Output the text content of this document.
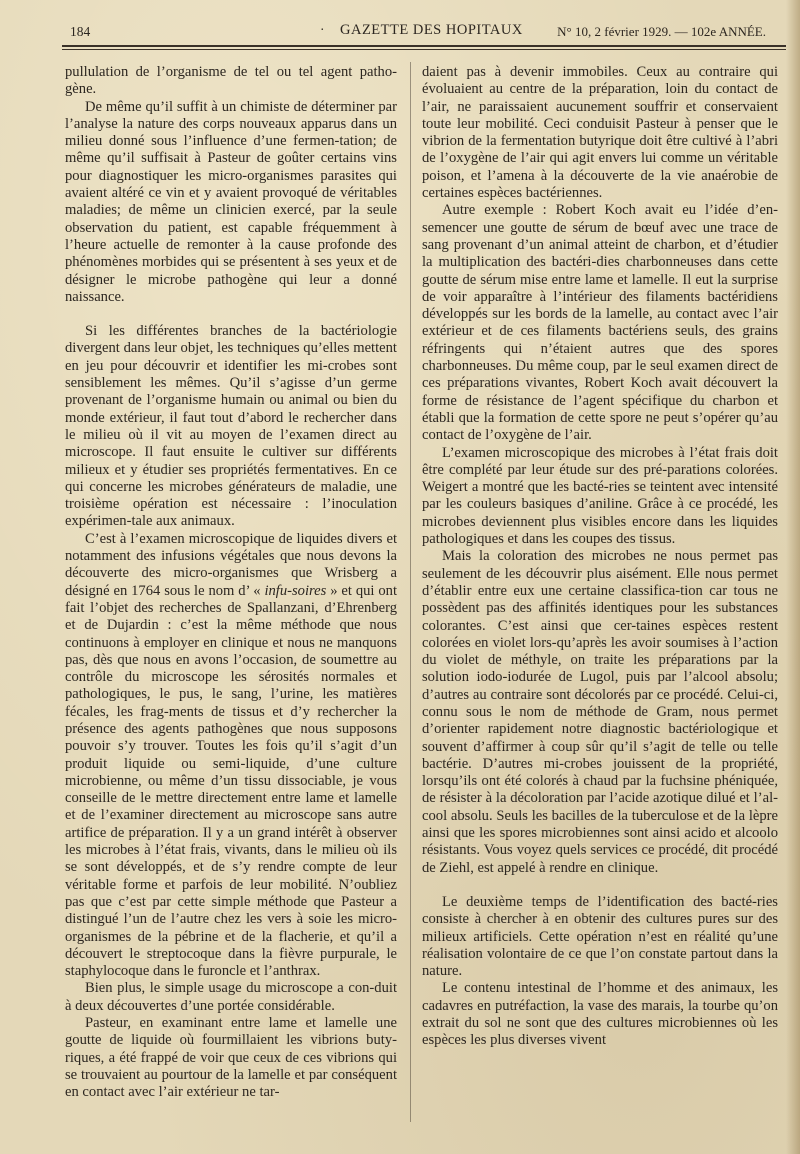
184	· GAZETTE DES HOPITAUX	N° 10, 2 février 1929. — 102e ANNÉE.

pullulation de l’organisme de tel ou tel agent patho-gène.

De même qu’il suffit à un chimiste de déterminer par l’analyse la nature des corps nouveaux apparus dans un milieu donné sous l’influence d’une fermen-tation; de même qu’il suffisait à Pasteur de goûter certains vins pour diagnostiquer les micro-organismes parasites qui avaient altéré ce vin et y avaient provoqué de véritables maladies; de même un clinicien exercé, par la seule observation du patient, est capable fréquemment à l’heure actuelle de remonter à la cause profonde des phénomènes morbides qui se présentent à ses yeux et de désigner le microbe pathogène qui leur a donné naissance.

Si les différentes branches de la bactériologie divergent dans leur objet, les techniques qu’elles mettent en jeu pour découvrir et identifier les mi-crobes sont sensiblement les mêmes. Qu’il s’agisse d’un germe provenant de l’organisme humain ou animal ou bien du monde extérieur, il faut tout d’abord le rechercher dans le milieu où il vit au moyen de l’examen direct au microscope. Il faut ensuite le cultiver sur différents milieux et y étudier ses propriétés fermentatives. En ce qui concerne les microbes générateurs de maladie, une troisième opération est nécessaire : l’inoculation expérimen-tale aux animaux.

C’est à l’examen microscopique de liquides divers et notamment des infusions végétales que nous devons la découverte des micro-organismes que Wrisberg a désigné en 1764 sous le nom d’ « infu-soires » et qui ont fait l’objet des recherches de Spallanzani, d’Ehrenberg et de Dujardin : c’est la même méthode que nous continuons à employer en clinique et nous ne manquons pas, dès que nous en avons l’occasion, de soumettre au contrôle du microscope les sérosités normales et pathologiques, le pus, le sang, l’urine, les matières fécales, les frag-ments de tissus et d’y rechercher la présence des agents pathogènes que nous supposons pouvoir s’y trouver. Toutes les fois qu’il s’agit d’un produit liquide ou semi-liquide, d’une culture microbienne, ou même d’un tissu dissociable, je vous conseille de le mettre directement entre lame et lamelle et de l’examiner directement au microscope sans autre artifice de préparation. Il y a un grand intérêt à observer les microbes à l’état frais, vivants, dans le milieu où ils se sont développés, et de s’y rendre compte de leur véritable forme et parfois de leur mobilité. N’oubliez pas que c’est par cette simple méthode que Pasteur a distingué l’un de l’autre chez les vers à soie les micro-organismes de la pébrine et de la flacherie, et qu’il a découvert le streptocoque dans la fièvre purpurale, le staphylocoque dans le furoncle et l’anthrax.

Bien plus, le simple usage du microscope a con-duit à deux découvertes d’une portée considérable.

Pasteur, en examinant entre lame et lamelle une goutte de liquide où fourmillaient les vibrions buty-riques, a été frappé de voir que ceux de ces vibrions qui se trouvaient au pourtour de la lamelle et par conséquent en contact avec l’air extérieur ne tar-

daient pas à devenir immobiles. Ceux au contraire qui évoluaient au centre de la préparation, loin du contact de l’air, ne paraissaient aucunement souffrir et conservaient toute leur mobilité. Ceci conduisit Pasteur à penser que le vibrion de la fermentation butyrique doit être cultivé à l’abri de l’oxygène de l’air qui agit envers lui comme un véritable poison, et l’amena à la découverte de la vie anaérobie de certaines espèces bactériennes.

Autre exemple : Robert Koch avait eu l’idée d’en-semencer une goutte de sérum de bœuf avec une trace de sang provenant d’un animal atteint de charbon, et d’étudier la multiplication des bactéri-dies charbonneuses dans cette goutte de sérum mise entre lame et lamelle. Il eut la surprise de voir apparaître à l’intérieur des filaments bactéridiens développés sur les bords de la lamelle, au contact avec l’air extérieur et de ces filaments bactériens seuls, des grains réfringents qui n’étaient autres que des spores charbonneuses. Du même coup, par le seul examen direct de ces préparations vivantes, Robert Koch avait découvert la forme de résistance de l’agent spécifique du charbon et établi que la formation de cette spore ne peut s’opérer qu’au contact de l’oxygène de l’air.

L’examen microscopique des microbes à l’état frais doit être complété par leur étude sur des pré-parations colorées. Weigert a montré que les bacté-ries se teintent avec intensité par les couleurs basiques d’aniline. Grâce à ce procédé, les microbes deviennent plus visibles encore dans les liquides pathologiques et dans les coupes des tissus.

Mais la coloration des microbes ne nous permet pas seulement de les découvrir plus aisément. Elle nous permet d’établir entre eux une certaine classifica-tion car tous ne possèdent pas des affinités identiques pour les substances colorantes. C’est ainsi que cer-taines espèces restent colorées en violet lors-qu’après les avoir soumises à l’action du violet de méthyle, on traite les préparations par la solution iodo-iodurée de Lugol, puis par l’alcool absolu; d’autres au contraire sont décolorés par ce procédé. Celui-ci, connu sous le nom de méthode de Gram, nous permet d’orienter rapidement notre diagnostic bactériologique et souvent d’affirmer à coup sûr qu’il s’agit de telle ou telle bactérie. D’autres mi-crobes jouissent de la propriété, lorsqu’ils ont été colorés à chaud par la fuchsine phéniquée, de résister à la décoloration par l’acide azotique dilué et l’al-cool absolu. Seuls les bacilles de la tuberculose et de la lèpre ainsi que les spores microbiennes sont ainsi acido et alcoolo résistants. Vous voyez quels services ce procédé, dit procédé de Ziehl, est appelé à rendre en clinique.

Le deuxième temps de l’identification des bacté-ries consiste à chercher à en obtenir des cultures pures sur des milieux artificiels. Cette opération n’est en réalité qu’une réalisation volontaire de ce que l’on constate partout dans la nature.

Le contenu intestinal de l’homme et des animaux, les cadavres en putréfaction, la vase des marais, la tourbe qu’on extrait du sol ne sont que des cultures microbiennes où les espèces les plus diverses vivent
